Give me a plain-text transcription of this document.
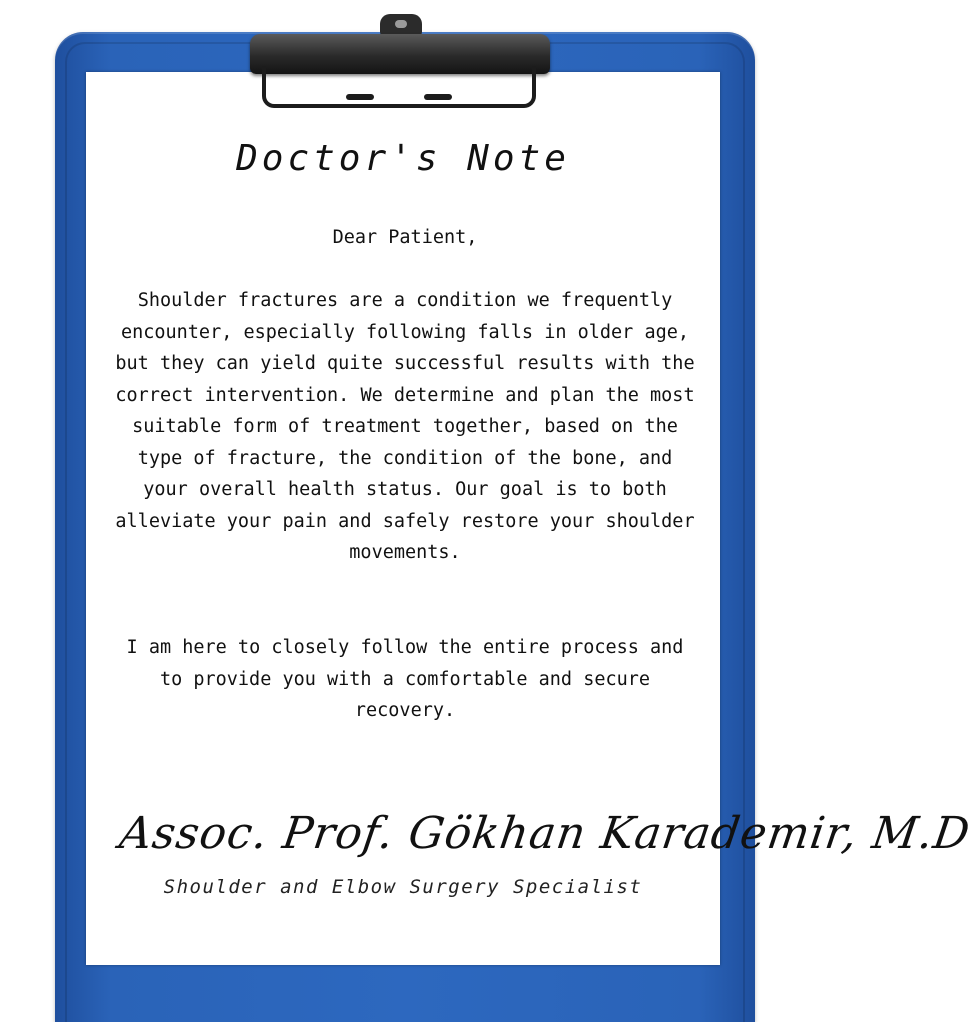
Doctor's Note

Dear Patient,

Shoulder fractures are a condition we frequently encounter, especially following falls in older age, but they can yield quite successful results with the correct intervention. We determine and plan the most suitable form of treatment together, based on the type of fracture, the condition of the bone, and your overall health status. Our goal is to both alleviate your pain and safely restore your shoulder movements.

I am here to closely follow the entire process and to provide you with a comfortable and secure recovery.

Assoc. Prof. Gökhan Karademir, M.D
Shoulder and Elbow Surgery Specialist
